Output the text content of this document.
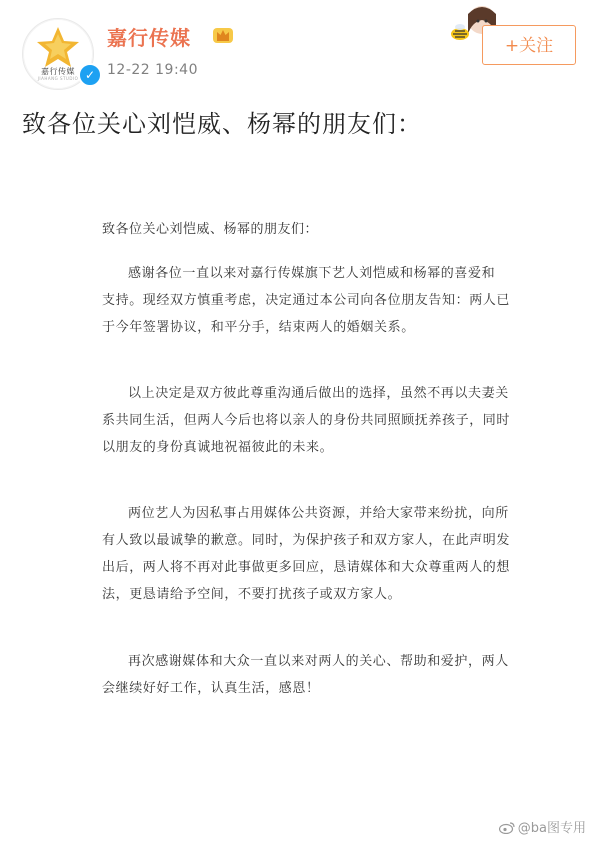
嘉行传媒
JIAHANG STUDIO ✓
嘉行传媒
12-22 19:40
+关注
致各位关心刘恺威、杨幂的朋友们：
致各位关心刘恺威、杨幂的朋友们：
感谢各位一直以来对嘉行传媒旗下艺人刘恺威和杨幂的喜爱和
支持。现经双方慎重考虑，决定通过本公司向各位朋友告知：两人已
于今年签署协议，和平分手，结束两人的婚姻关系。
以上决定是双方彼此尊重沟通后做出的选择，虽然不再以夫妻关
系共同生活，但两人今后也将以亲人的身份共同照顾抚养孩子，同时
以朋友的身份真诚地祝福彼此的未来。
两位艺人为因私事占用媒体公共资源，并给大家带来纷扰，向所
有人致以最诚挚的歉意。同时，为保护孩子和双方家人，在此声明发
出后，两人将不再对此事做更多回应，恳请媒体和大众尊重两人的想
法，更恳请给予空间，不要打扰孩子或双方家人。
再次感谢媒体和大众一直以来对两人的关心、帮助和爱护，两人
会继续好好工作，认真生活，感恩！
@ba图专用
